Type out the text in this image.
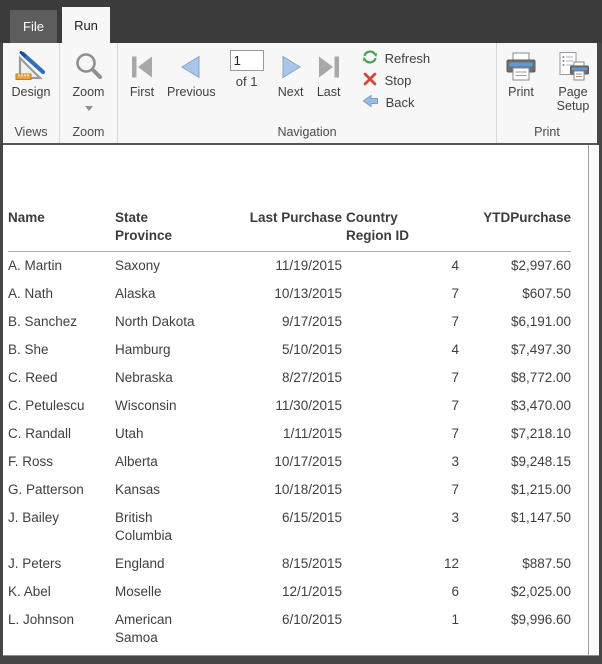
File	Run
Design
Views
Zoom
Zoom
First Previous
1
of 1
Next Last
Refresh
Stop
Back
Navigation
Print	Page Setup
Print
Name	State Province	Last Purchase	Country Region ID	YTDPurchase
A. Martin	Saxony	11/19/2015	4	$2,997.60
A. Nath	Alaska	10/13/2015	7	$607.50
B. Sanchez	North Dakota	9/17/2015	7	$6,191.00
B. She	Hamburg	5/10/2015	4	$7,497.30
C. Reed	Nebraska	8/27/2015	7	$8,772.00
C. Petulescu	Wisconsin	11/30/2015	7	$3,470.00
C. Randall	Utah	1/11/2015	7	$7,218.10
F. Ross	Alberta	10/17/2015	3	$9,248.15
G. Patterson	Kansas	10/18/2015	7	$1,215.00
J. Bailey	British Columbia	6/15/2015	3	$1,147.50
J. Peters	England	8/15/2015	12	$887.50
K. Abel	Moselle	12/1/2015	6	$2,025.00
L. Johnson	American Samoa	6/10/2015	1	$9,996.60
